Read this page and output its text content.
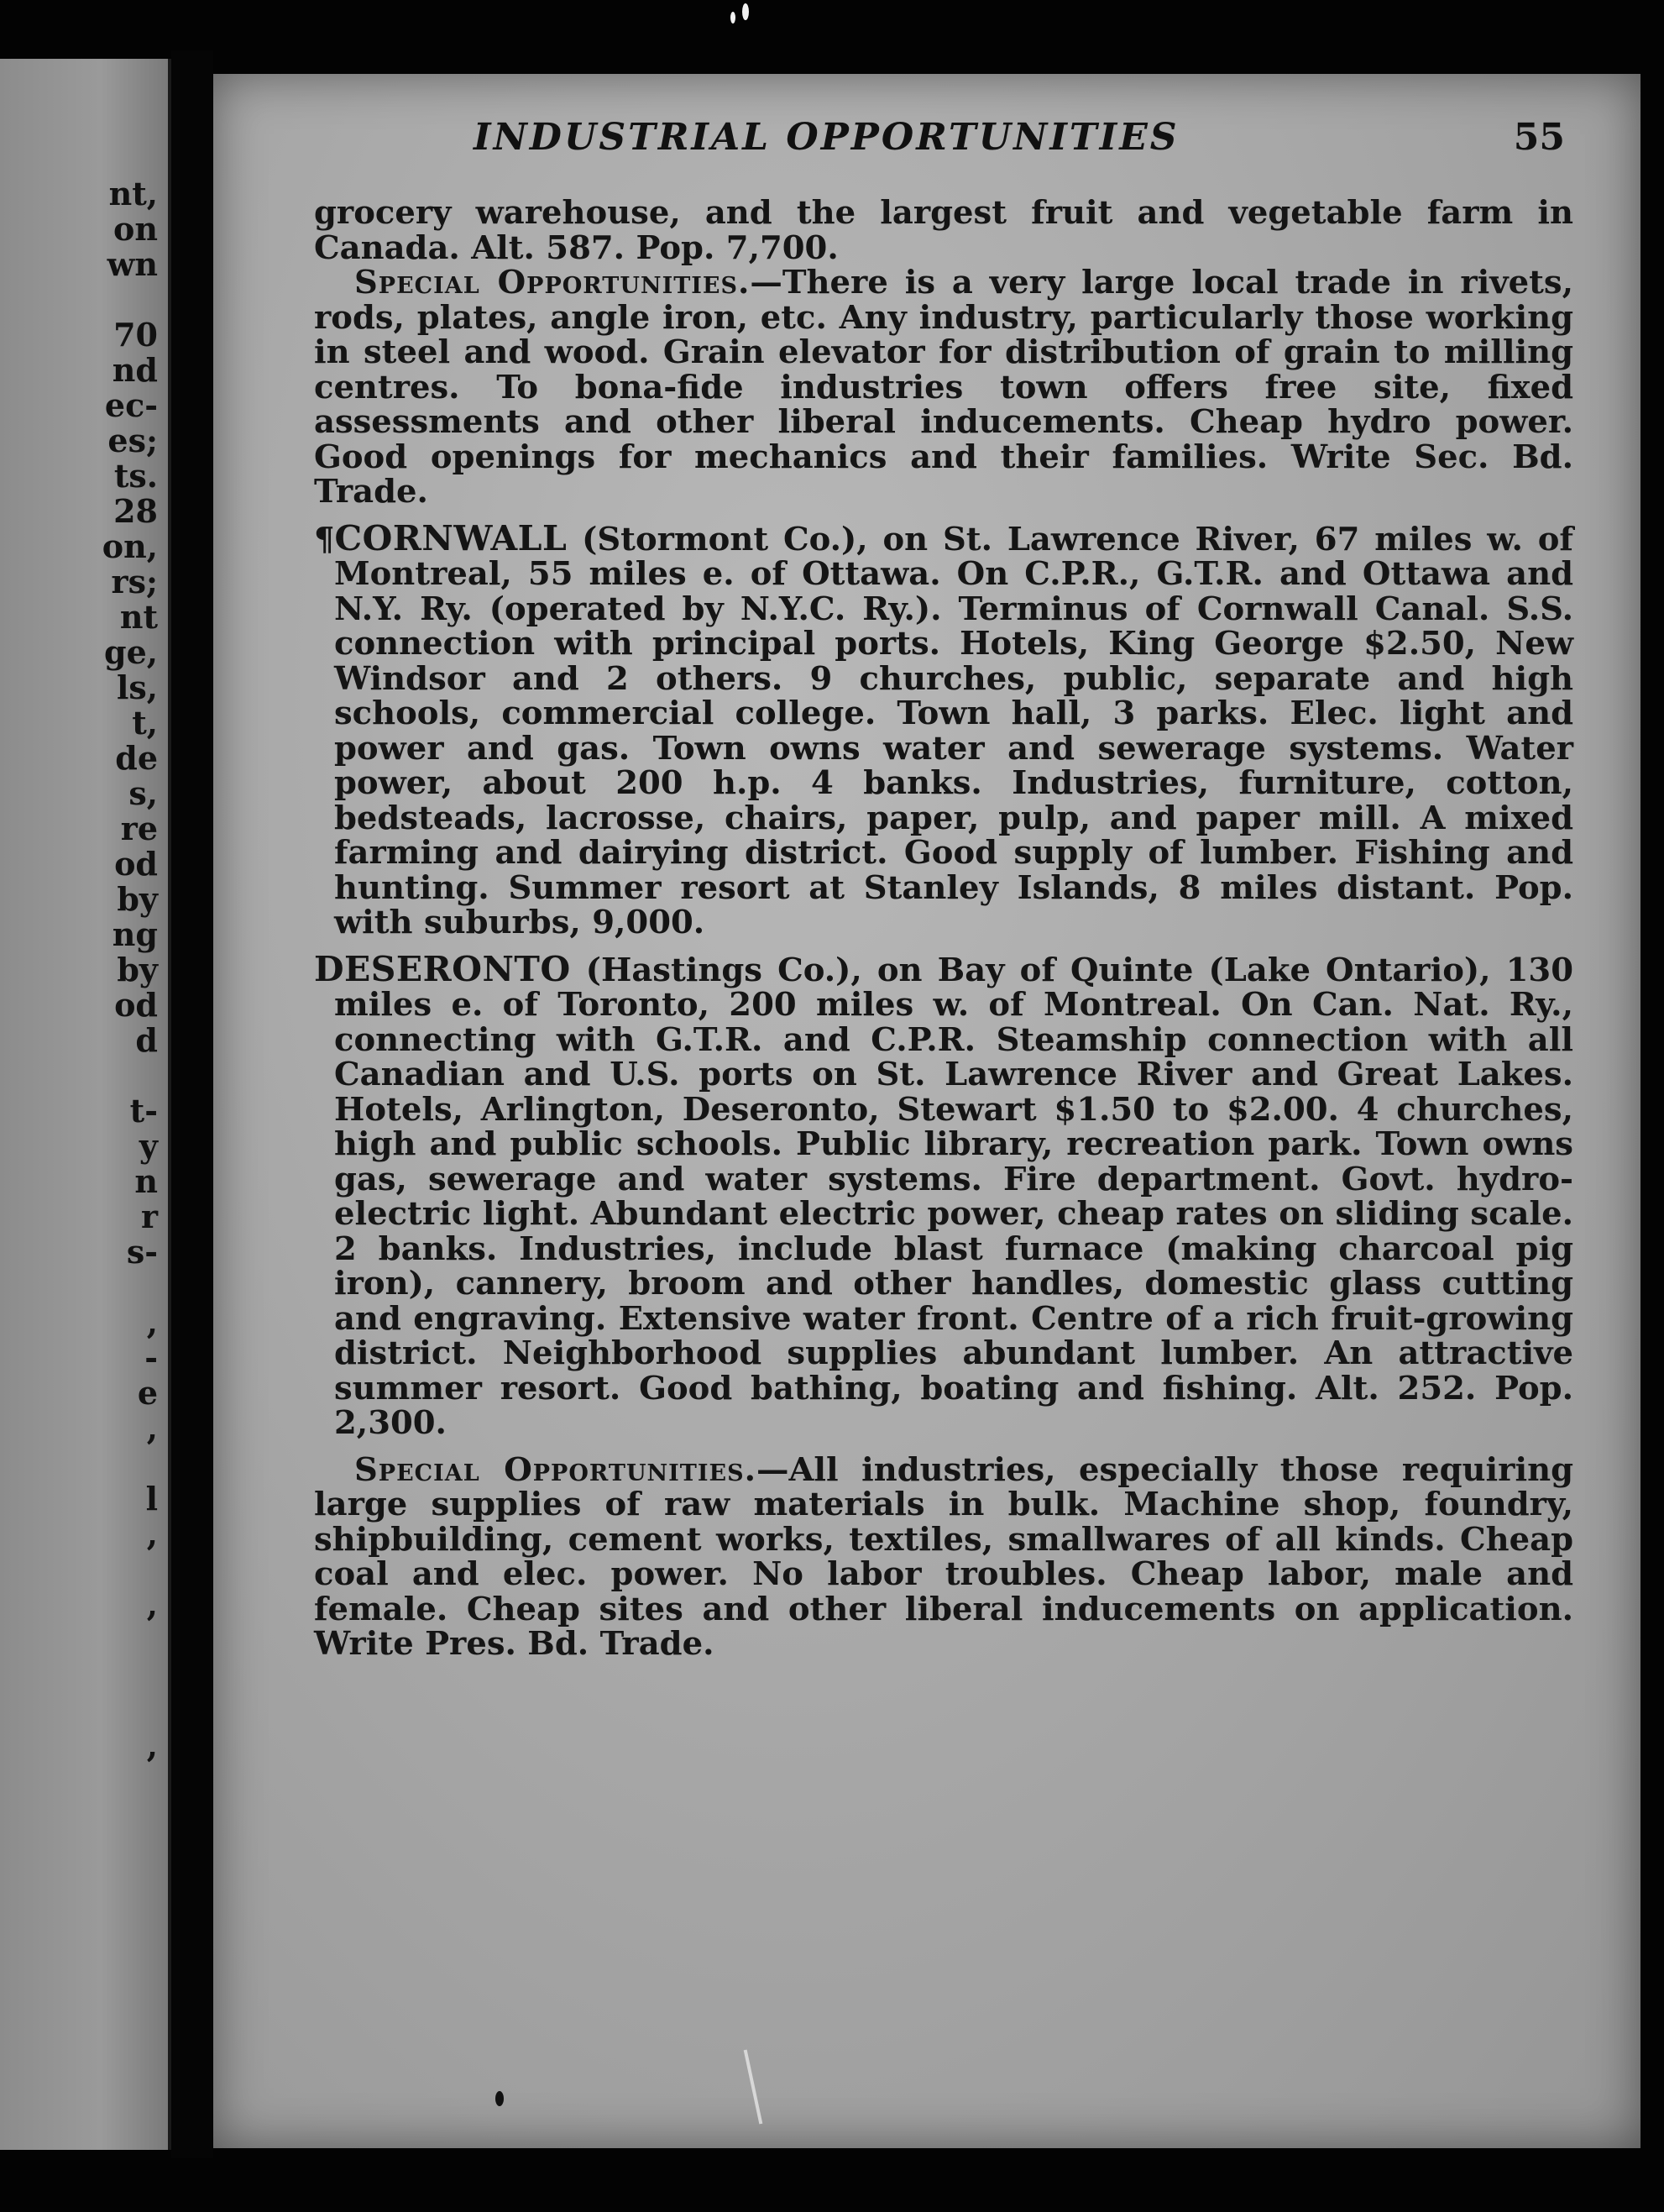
nt,
on
wn
70
nd
ec-
es;
ts.
28
on,
rs;
nt
ge,
ls,
t,
de
s,
re
od
by
ng
by
od
d
t-
y
n
r
s-
,
-
e
,
l
,
,
,
INDUSTRIAL OPPORTUNITIES	55

grocery warehouse, and the largest fruit and vegetable farm in Canada. Alt. 587. Pop. 7,700.

Special Opportunities.—There is a very large local trade in rivets, rods, plates, angle iron, etc. Any industry, particularly those working in steel and wood. Grain elevator for distribution of grain to milling centres. To bona-fide industries town offers free site, fixed assessments and other liberal inducements. Cheap hydro power. Good openings for mechanics and their families. Write Sec. Bd. Trade.

¶CORNWALL (Stormont Co.), on St. Lawrence River, 67 miles w. of Montreal, 55 miles e. of Ottawa. On C.P.R., G.T.R. and Ottawa and N.Y. Ry. (operated by N.Y.C. Ry.). Terminus of Cornwall Canal. S.S. connection with principal ports. Hotels, King George $2.50, New Windsor and 2 others. 9 churches, public, separate and high schools, commercial college. Town hall, 3 parks. Elec. light and power and gas. Town owns water and sewerage systems. Water power, about 200 h.p. 4 banks. Industries, furniture, cotton, bedsteads, lacrosse, chairs, paper, pulp, and paper mill. A mixed farming and dairying district. Good supply of lumber. Fishing and hunting. Summer resort at Stanley Islands, 8 miles distant. Pop. with suburbs, 9,000.

DESERONTO (Hastings Co.), on Bay of Quinte (Lake Ontario), 130 miles e. of Toronto, 200 miles w. of Montreal. On Can. Nat. Ry., connecting with G.T.R. and C.P.R. Steamship connection with all Canadian and U.S. ports on St. Lawrence River and Great Lakes. Hotels, Arlington, Deseronto, Stewart $1.50 to $2.00. 4 churches, high and public schools. Public library, recreation park. Town owns gas, sewerage and water systems. Fire department. Govt. hydro-electric light. Abundant electric power, cheap rates on sliding scale. 2 banks. Industries, include blast furnace (making charcoal pig iron), cannery, broom and other handles, domestic glass cutting and engraving. Extensive water front. Centre of a rich fruit-growing district. Neighborhood supplies abundant lumber. An attractive summer resort. Good bathing, boating and fishing. Alt. 252. Pop. 2,300.

Special Opportunities.—All industries, especially those requiring large supplies of raw materials in bulk. Machine shop, foundry, shipbuilding, cement works, textiles, smallwares of all kinds. Cheap coal and elec. power. No labor troubles. Cheap labor, male and female. Cheap sites and other liberal inducements on application. Write Pres. Bd. Trade.
